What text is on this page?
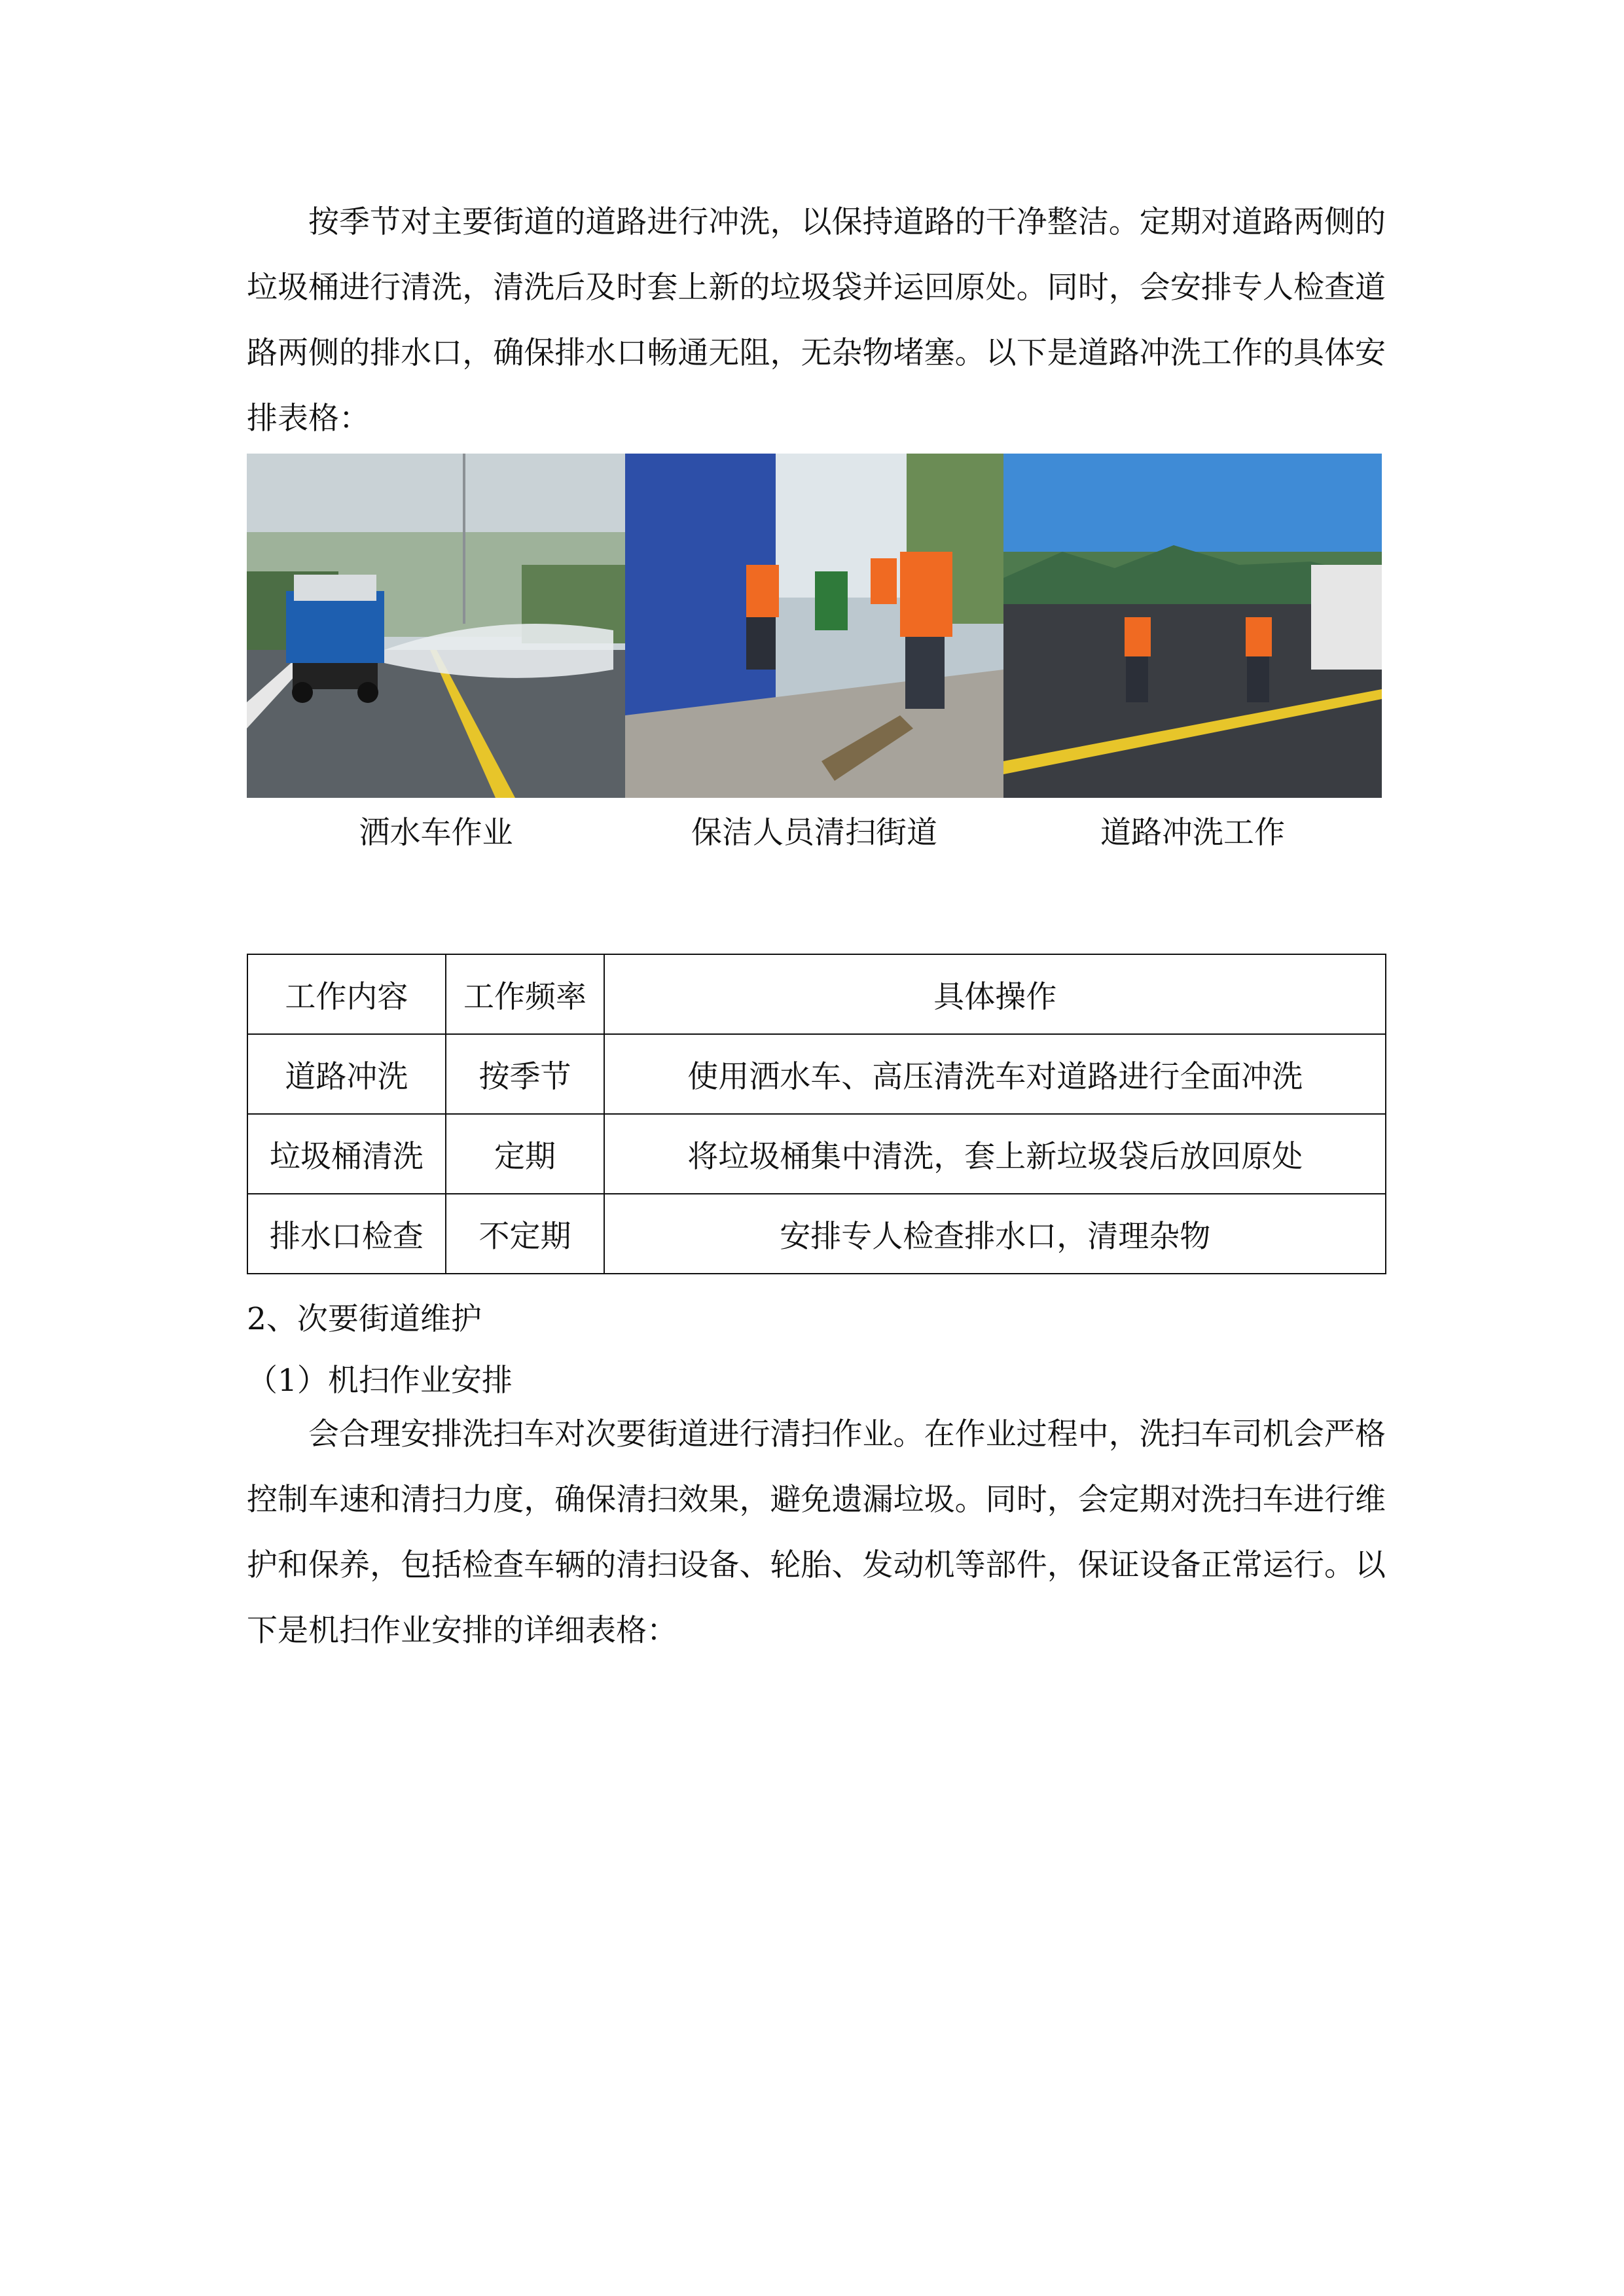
按季节对主要街道的道路进行冲洗，以保持道路的干净整洁。定期对道路两侧的垃圾桶进行清洗，清洗后及时套上新的垃圾袋并运回原处。同时，会安排专人检查道路两侧的排水口，确保排水口畅通无阻，无杂物堵塞。以下是道路冲洗工作的具体安排表格：

洒水车作业	保洁人员清扫街道	道路冲洗工作
工作内容	工作频率	具体操作
道路冲洗	按季节	使用洒水车、高压清洗车对道路进行全面冲洗
垃圾桶清洗	定期	将垃圾桶集中清洗，套上新垃圾袋后放回原处
排水口检查	不定期	安排专人检查排水口，清理杂物

2、次要街道维护

（1）机扫作业安排

会合理安排洗扫车对次要街道进行清扫作业。在作业过程中，洗扫车司机会严格控制车速和清扫力度，确保清扫效果，避免遗漏垃圾。同时，会定期对洗扫车进行维护和保养，包括检查车辆的清扫设备、轮胎、发动机等部件，保证设备正常运行。以下是机扫作业安排的详细表格：
